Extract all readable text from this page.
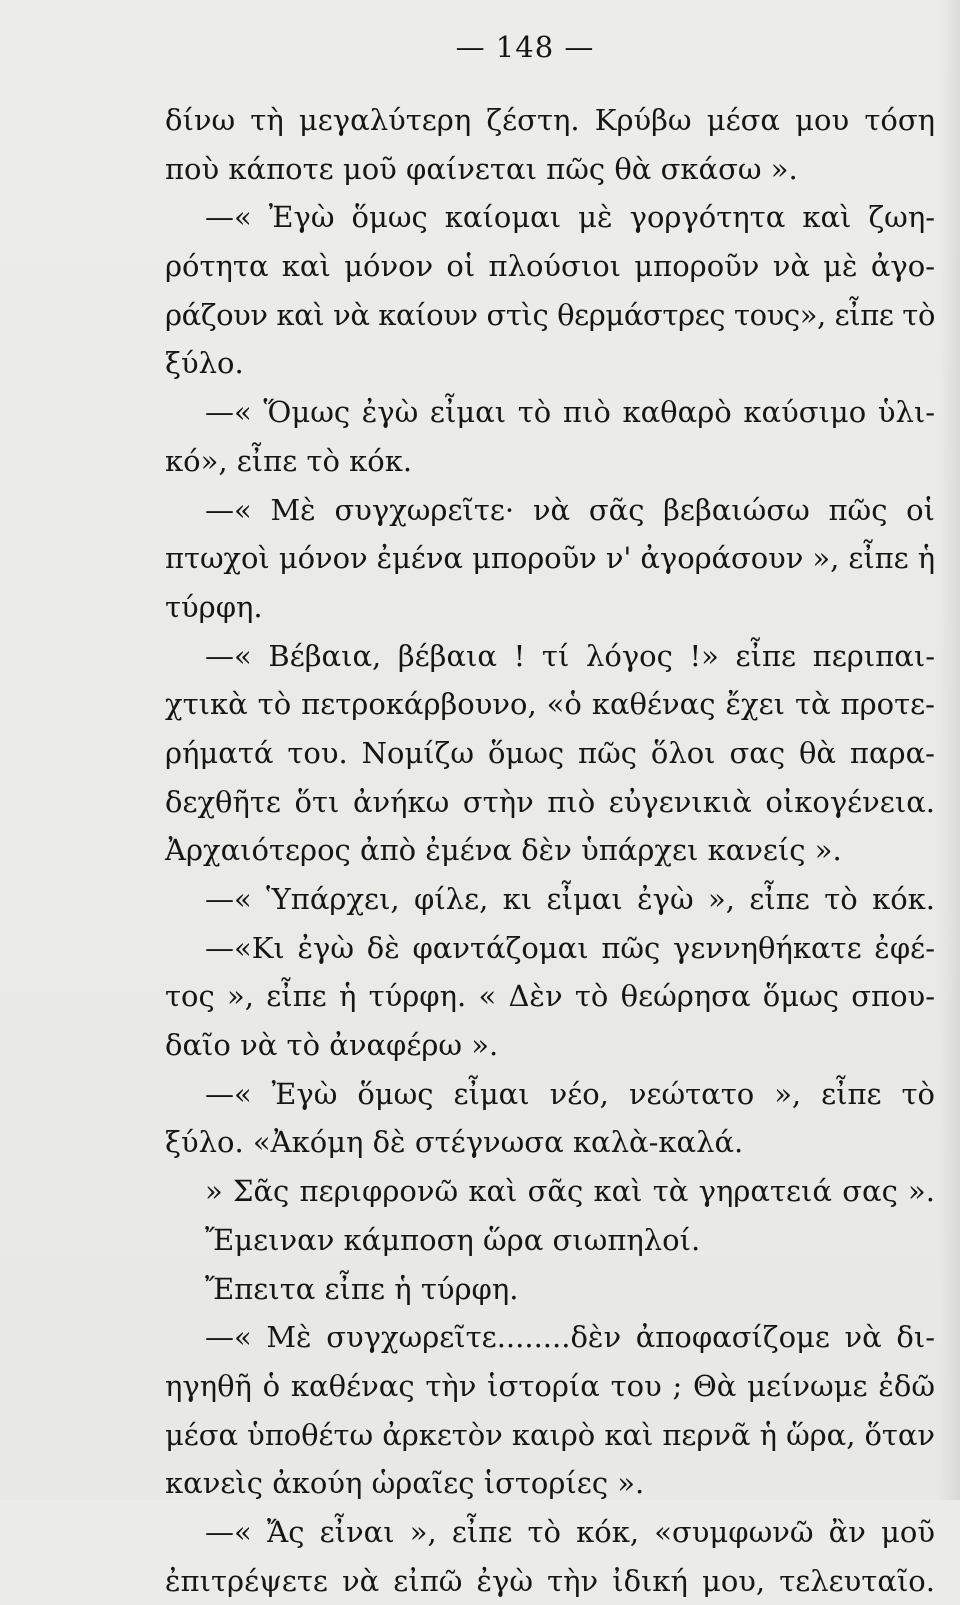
— 148 —
δίνω τὴ μεγαλύτερη ζέστη. Κρύβω μέσα μου τόση
ποὺ κάποτε μοῦ φαίνεται πῶς θὰ σκάσω ».
—« Ἐγὼ ὅμως καίομαι μὲ γοργότητα καὶ ζωη-
ρότητα καὶ μόνον οἱ πλούσιοι μποροῦν νὰ μὲ ἀγο-
ράζουν καὶ νὰ καίουν στὶς θερμάστρες τους», εἶπε τὸ
ξύλο.
—« Ὅμως ἐγὼ εἶμαι τὸ πιὸ καθαρὸ καύσιμο ὑλι-
κό», εἶπε τὸ κόκ.
—« Μὲ συγχωρεῖτε· νὰ σᾶς βεβαιώσω πῶς οἱ
πτωχοὶ μόνον ἐμένα μποροῦν ν' ἀγοράσουν », εἶπε ἡ
τύρφη.
—« Βέβαια, βέβαια ! τί λόγος !» εἶπε περιπαι-
χτικὰ τὸ πετροκάρβουνο, «ὁ καθένας ἔχει τὰ προτε-
ρήματά του. Νομίζω ὅμως πῶς ὅλοι σας θὰ παρα-
δεχθῆτε ὅτι ἀνήκω στὴν πιὸ εὐγενικιὰ οἰκογένεια.
Ἀρχαιότερος ἀπὸ ἐμένα δὲν ὑπάρχει κανείς ».
—« Ὑπάρχει, φίλε, κι εἶμαι ἐγὼ », εἶπε τὸ κόκ.
—«Κι ἐγὼ δὲ φαντάζομαι πῶς γεννηθήκατε ἐφέ-
τος », εἶπε ἡ τύρφη. « Δὲν τὸ θεώρησα ὅμως σπου-
δαῖο νὰ τὸ ἀναφέρω ».
—« Ἐγὼ ὅμως εἶμαι νέο, νεώτατο », εἶπε τὸ
ξύλο. «Ἀκόμη δὲ στέγνωσα καλὰ-καλά.
» Σᾶς περιφρονῶ καὶ σᾶς καὶ τὰ γηρατειά σας ».
Ἔμειναν κάμποση ὥρα σιωπηλοί.
Ἔπειτα εἶπε ἡ τύρφη.
—« Μὲ συγχωρεῖτε........δὲν ἀποφασίζομε νὰ δι-
ηγηθῆ ὁ καθένας τὴν ἱστορία του ; Θὰ μείνωμε ἐδῶ
μέσα ὑποθέτω ἀρκετὸν καιρὸ καὶ περνᾶ ἡ ὥρα, ὅταν
κανεὶς ἀκούη ὡραῖες ἱστορίες ».
—« Ἄς εἶναι », εἶπε τὸ κόκ, «συμφωνῶ ἂν μοῦ
ἐπιτρέψετε νὰ εἰπῶ ἐγὼ τὴν ἰδική μου, τελευταῖο.
